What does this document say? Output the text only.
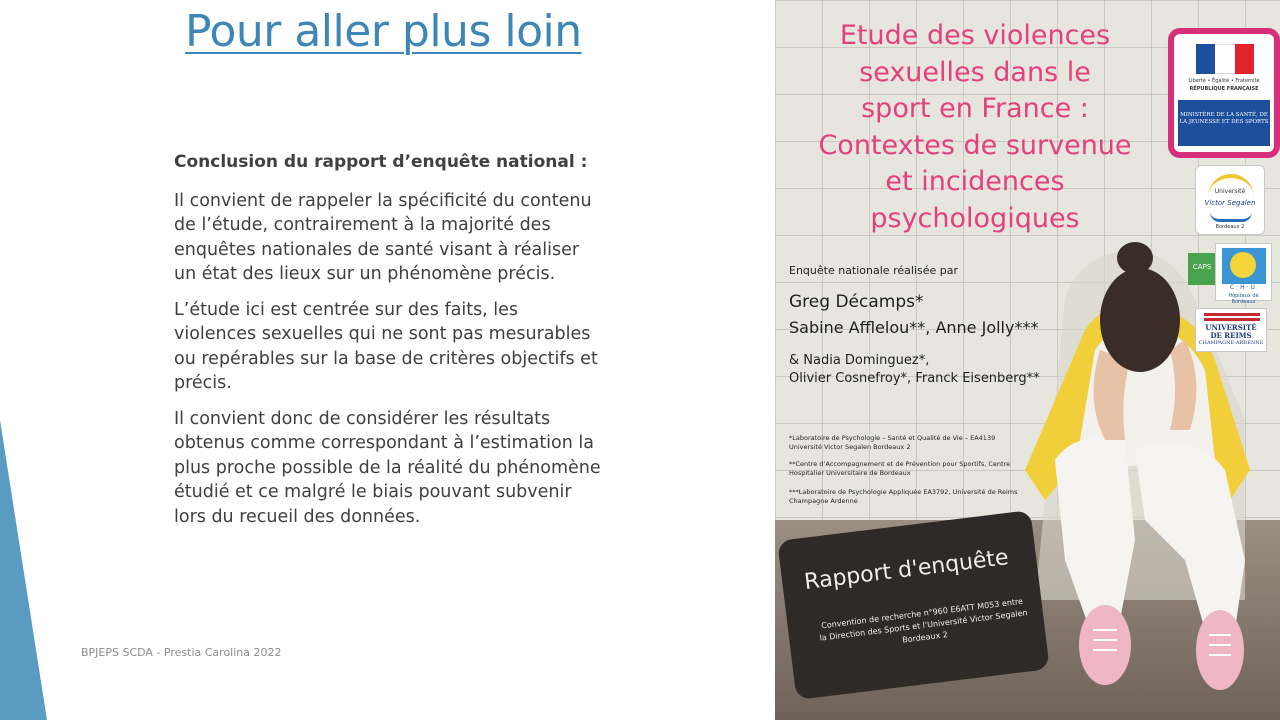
Pour aller plus loin
Conclusion du rapport d’enquête national :

Il convient de rappeler la spécificité du contenu de l’étude, contrairement à la majorité des enquêtes nationales de santé visant à réaliser un état des lieux sur un phénomène précis.

L’étude ici est centrée sur des faits, les violences sexuelles qui ne sont pas mesurables ou repérables sur la base de critères objectifs et précis.

Il convient donc de considérer les résultats obtenus comme correspondant à l’estimation la plus proche possible de la réalité du phénomène étudié et ce malgré le biais pouvant subvenir lors du recueil des données.

BPJEPS SCDA - Prestia Carolina 2022
Etude des violences
sexuelles dans le
sport en France :
Contextes de survenue
et incidences
psychologiques
Liberté • Égalité • Fraternité
RÉPUBLIQUE FRANÇAISE
MINISTÈRE DE LA SANTÉ, DE LA JEUNESSE ET DES SPORTS
Université
Victor Segalen
Bordeaux 2
CAPS
C·H·U
Hôpitaux de Bordeaux
UNIVERSITÉ
DE REIMS
CHAMPAGNE-ARDENNE
Enquête nationale réalisée par
Greg Décamps*
Sabine Afflelou**, Anne Jolly***
& Nadia Dominguez*,
Olivier Cosnefroy*, Franck Eisenberg**
*Laboratoire de Psychologie – Santé et Qualité de Vie – EA4139 Université Victor Segalen Bordeaux 2
**Centre d’Accompagnement et de Prévention pour Sportifs, Centre Hospitalier Universitaire de Bordeaux
***Laboratoire de Psychologie Appliquée EA3792, Université de Reims Champagne Ardenne
Rapport d'enquête
Convention de recherche n°960 E6ATT M053 entre la Direction des Sports et l'Université Victor Segalen Bordeaux 2
